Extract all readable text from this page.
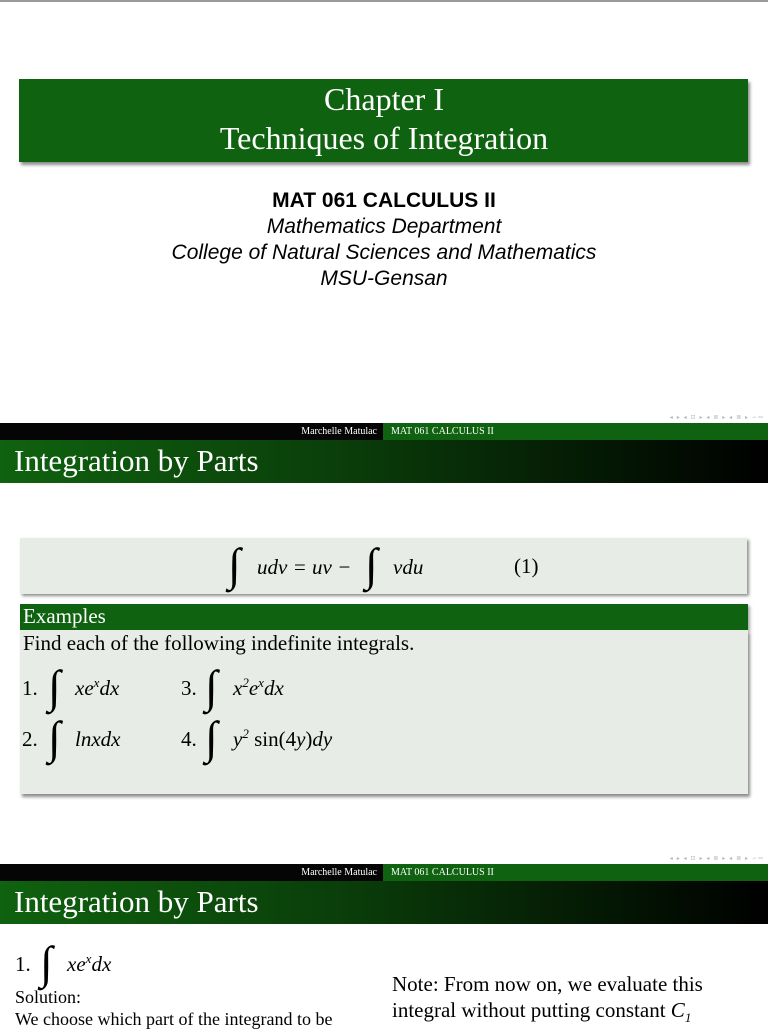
Chapter I
Techniques of Integration
MAT 061 CALCULUS II
Mathematics Department
College of Natural Sciences and Mathematics
MSU-Gensan
◂ ▸ ◂ ⊡ ▸ ◂ ≣ ▸ ◂ ≣ ▸ ∽∾
Marchelle Matulac	MAT 061 CALCULUS II
Integration by Parts
∫ udv = uv − ∫ vdu	(1)
Examples
Find each of the following indefinite integrals.
1. ∫ $xe^xdx$	3. ∫ $x^2e^xdx$
2. ∫ lnxdx	4. ∫ $y^2$ sin(4y)dy
◂ ▸ ◂ ⊡ ▸ ◂ ≣ ▸ ◂ ≣ ▸ ∽∾
Marchelle Matulac	MAT 061 CALCULUS II
Integration by Parts
1. ∫ $xe^xdx$
Solution:
We choose which part of the integrand to be
Note: From now on, we evaluate this
integral without putting constant $C_1$
